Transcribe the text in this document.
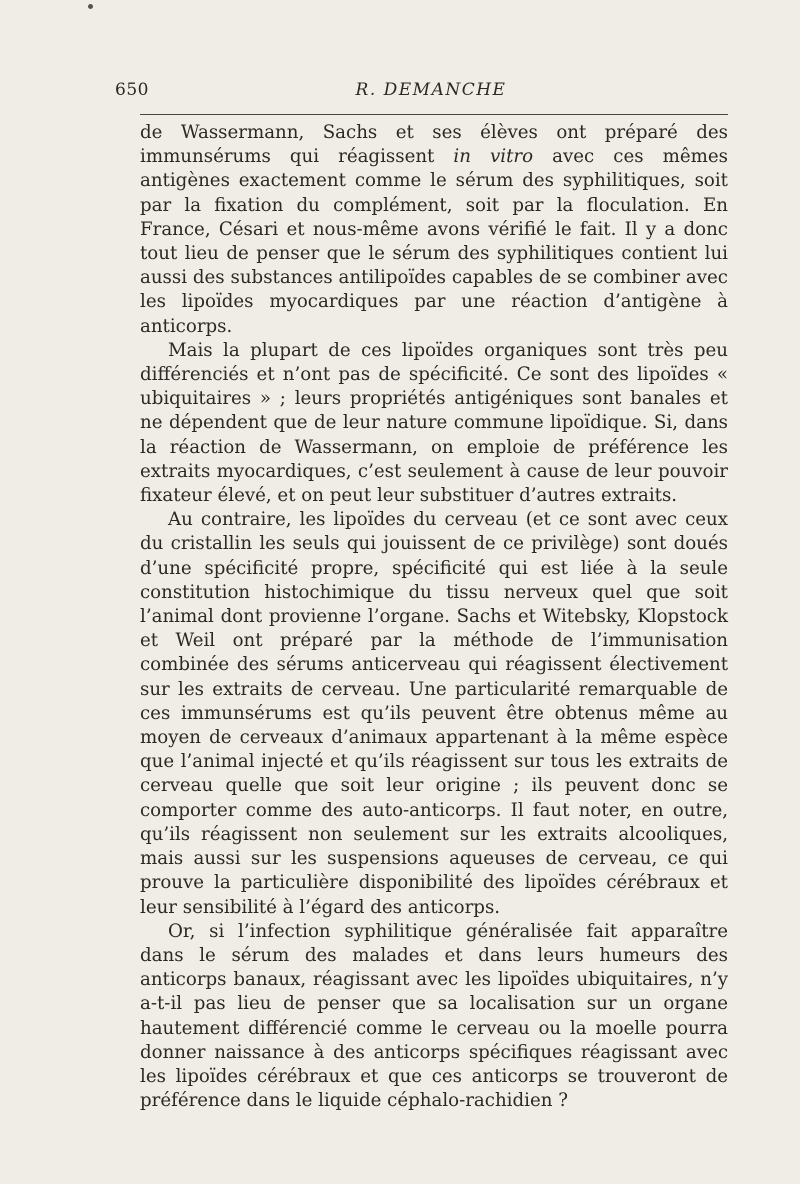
650	R. DEMANCHE

de Wassermann, Sachs et ses élèves ont préparé des immunsérums qui réagissent in vitro avec ces mêmes antigènes exactement comme le sérum des syphilitiques, soit par la fixation du complément, soit par la floculation. En France, Césari et nous-même avons vérifié le fait. Il y a donc tout lieu de penser que le sérum des syphilitiques contient lui aussi des substances antilipoïdes capables de se combiner avec les lipoïdes myocardiques par une réaction d’antigène à anticorps.

Mais la plupart de ces lipoïdes organiques sont très peu différenciés et n’ont pas de spécificité. Ce sont des lipoïdes « ubiquitaires » ; leurs propriétés antigéniques sont banales et ne dépendent que de leur nature commune lipoïdique. Si, dans la réaction de Wassermann, on emploie de préférence les extraits myocardiques, c’est seulement à cause de leur pouvoir fixateur élevé, et on peut leur substituer d’autres extraits.

Au contraire, les lipoïdes du cerveau (et ce sont avec ceux du cristallin les seuls qui jouissent de ce privilège) sont doués d’une spécificité propre, spécificité qui est liée à la seule constitution histochimique du tissu nerveux quel que soit l’animal dont provienne l’organe. Sachs et Witebsky, Klopstock et Weil ont préparé par la méthode de l’immunisation combinée des sérums anticerveau qui réagissent électivement sur les extraits de cerveau. Une particularité remarquable de ces immunsérums est qu’ils peuvent être obtenus même au moyen de cerveaux d’animaux appartenant à la même espèce que l’animal injecté et qu’ils réagissent sur tous les extraits de cerveau quelle que soit leur origine ; ils peuvent donc se comporter comme des auto-anticorps. Il faut noter, en outre, qu’ils réagissent non seulement sur les extraits alcooliques, mais aussi sur les suspensions aqueuses de cerveau, ce qui prouve la particulière disponibilité des lipoïdes cérébraux et leur sensibilité à l’égard des anticorps.

Or, si l’infection syphilitique généralisée fait apparaître dans le sérum des malades et dans leurs humeurs des anticorps banaux, réagissant avec les lipoïdes ubiquitaires, n’y a-t-il pas lieu de penser que sa localisation sur un organe hautement différencié comme le cerveau ou la moelle pourra donner naissance à des anticorps spécifiques réagissant avec les lipoïdes cérébraux et que ces anticorps se trouveront de préférence dans le liquide céphalo-rachidien ?
